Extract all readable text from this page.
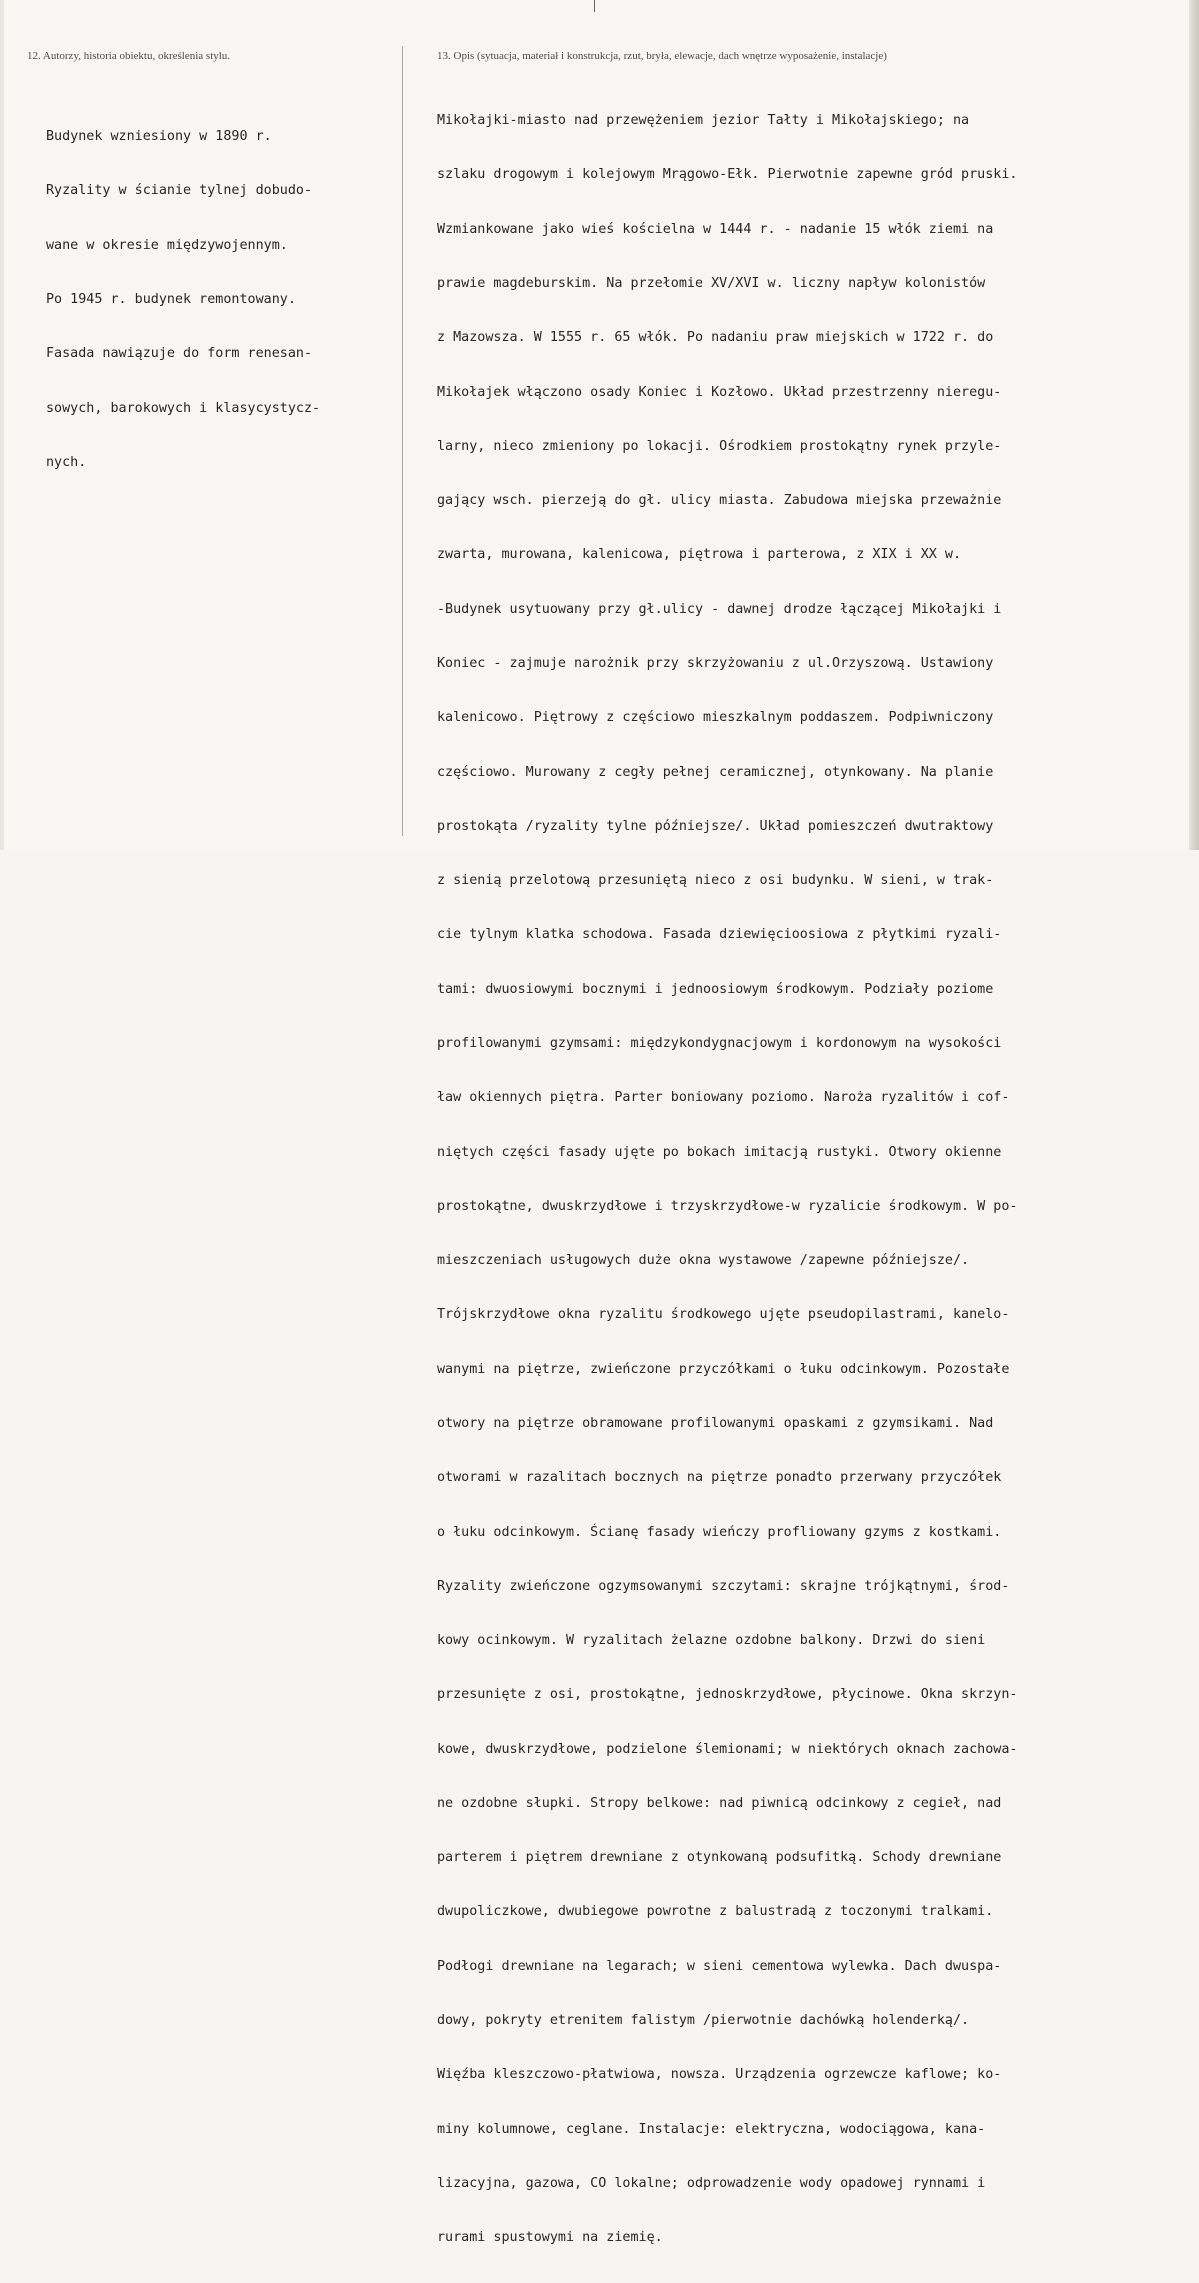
12. Autorzy, historia obiektu, określenia stylu.	13. Opis (sytuacja, materiał i konstrukcja, rzut, bryła, elewacje, dach wnętrze wyposażenie, instalacje)

Budynek wzniesiony w 1890 r.

Ryzality w ścianie tylnej dobudo-

wane w okresie międzywojennym.

Po 1945 r. budynek remontowany.

Fasada nawiązuje do form renesan-

sowych, barokowych i klasycystycz-

nych.

Mikołajki-miasto nad przewężeniem jezior Tałty i Mikołajskiego; na

szlaku drogowym i kolejowym Mrągowo-Ełk. Pierwotnie zapewne gród pruski.

Wzmiankowane jako wieś kościelna w 1444 r. - nadanie 15 włók ziemi na

prawie magdeburskim. Na przełomie XV/XVI w. liczny napływ kolonistów

z Mazowsza. W 1555 r. 65 włók. Po nadaniu praw miejskich w 1722 r. do

Mikołajek włączono osady Koniec i Kozłowo. Układ przestrzenny nieregu-

larny, nieco zmieniony po lokacji. Ośrodkiem prostokątny rynek przyle-

gający wsch. pierzeją do gł. ulicy miasta. Zabudowa miejska przeważnie

zwarta, murowana, kalenicowa, piętrowa i parterowa, z XIX i XX w.

-Budynek usytuowany przy gł.ulicy - dawnej drodze łączącej Mikołajki i

Koniec - zajmuje narożnik przy skrzyżowaniu z ul.Orzyszową. Ustawiony

kalenicowo. Piętrowy z częściowo mieszkalnym poddaszem. Podpiwniczony

częściowo. Murowany z cegły pełnej ceramicznej, otynkowany. Na planie

prostokąta /ryzality tylne późniejsze/. Układ pomieszczeń dwutraktowy

z sienią przelotową przesuniętą nieco z osi budynku. W sieni, w trak-

cie tylnym klatka schodowa. Fasada dziewięcioosiowa z płytkimi ryzali-

tami: dwuosiowymi bocznymi i jednoosiowym środkowym. Podziały poziome

profilowanymi gzymsami: międzykondygnacjowym i kordonowym na wysokości

ław okiennych piętra. Parter boniowany poziomo. Naroża ryzalitów i cof-

niętych części fasady ujęte po bokach imitacją rustyki. Otwory okienne

prostokątne, dwuskrzydłowe i trzyskrzydłowe-w ryzalicie środkowym. W po-

mieszczeniach usługowych duże okna wystawowe /zapewne późniejsze/.

Trójskrzydłowe okna ryzalitu środkowego ujęte pseudopilastrami, kanelo-

wanymi na piętrze, zwieńczone przyczółkami o łuku odcinkowym. Pozostałe

otwory na piętrze obramowane profilowanymi opaskami z gzymsikami. Nad

otworami w razalitach bocznych na piętrze ponadto przerwany przyczółek

o łuku odcinkowym. Ścianę fasady wieńczy profliowany gzyms z kostkami.

Ryzality zwieńczone ogzymsowanymi szczytami: skrajne trójkątnymi, środ-

kowy ocinkowym. W ryzalitach żelazne ozdobne balkony. Drzwi do sieni

przesunięte z osi, prostokątne, jednoskrzydłowe, płycinowe. Okna skrzyn-

kowe, dwuskrzydłowe, podzielone ślemionami; w niektórych oknach zachowa-

ne ozdobne słupki. Stropy belkowe: nad piwnicą odcinkowy z cegieł, nad

parterem i piętrem drewniane z otynkowaną podsufitką. Schody drewniane

dwupoliczkowe, dwubiegowe powrotne z balustradą z toczonymi tralkami.

Podłogi drewniane na legarach; w sieni cementowa wylewka. Dach dwuspa-

dowy, pokryty etrenitem falistym /pierwotnie dachówką holenderką/.

Więźba kleszczowo-płatwiowa, nowsza. Urządzenia ogrzewcze kaflowe; ko-

miny kolumnowe, ceglane. Instalacje: elektryczna, wodociągowa, kana-

lizacyjna, gazowa, CO lokalne; odprowadzenie wody opadowej rynnami i

rurami spustowymi na ziemię.
